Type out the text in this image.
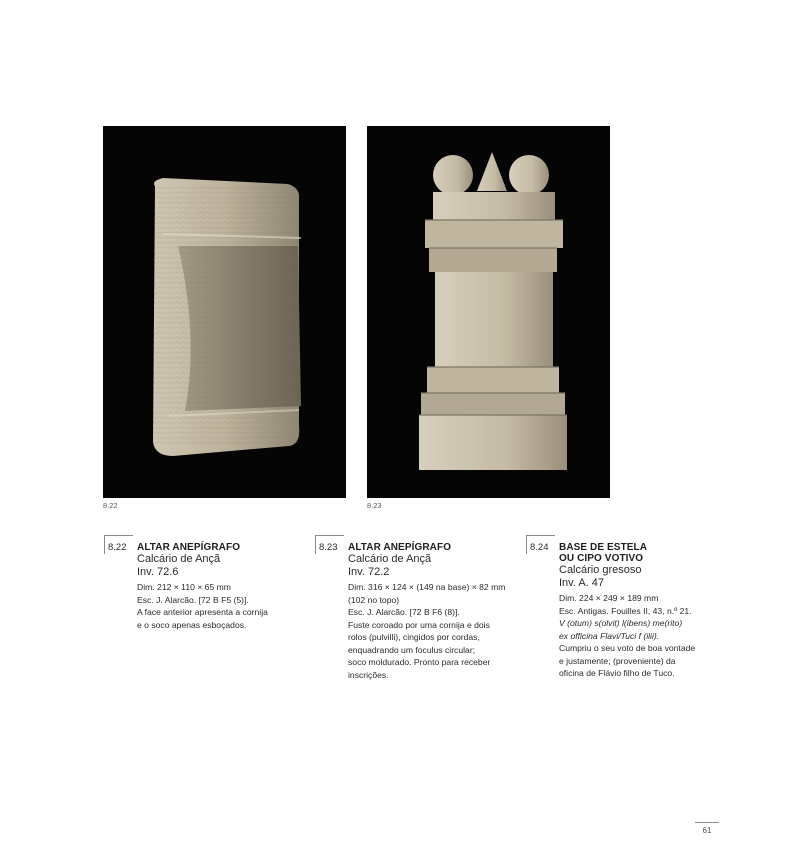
8.22	8.23
8.22 ALTAR ANEPÍGRAFO
Calcário de Ançã
Inv. 72.6
Dim. 212 × 110 × 65 mm
Esc. J. Alarcão. [72 B F5 (5)].
A face anterior apresenta a cornija
e o soco apenas esboçados.
8.23 ALTAR ANEPÍGRAFO
Calcário de Ançã
Inv. 72.2
Dim. 316 × 124 × (149 na base) × 82 mm
(102 no topo)
Esc. J. Alarcão. [72 B F6 (8)].
Fuste coroado por uma cornija e dois
rolos (pulvilli), cingidos por cordas,
enquadrando um foculus circular;
soco moldurado. Pronto para receber
inscrições.
8.24 BASE DE ESTELA
OU CIPO VOTIVO
Calcário gresoso
Inv. A. 47
Dim. 224 × 249 × 189 mm
Esc. Antigas. Fouilles II, 43, n.º 21.
V (otum) s(olvit) l(ibens) me(rito)
ex officina Flavi/Tuci f (ilii).
Cumpriu o seu voto de boa vontade
e justamente; (proveniente) da
oficina de Flávio filho de Tuco.
61
